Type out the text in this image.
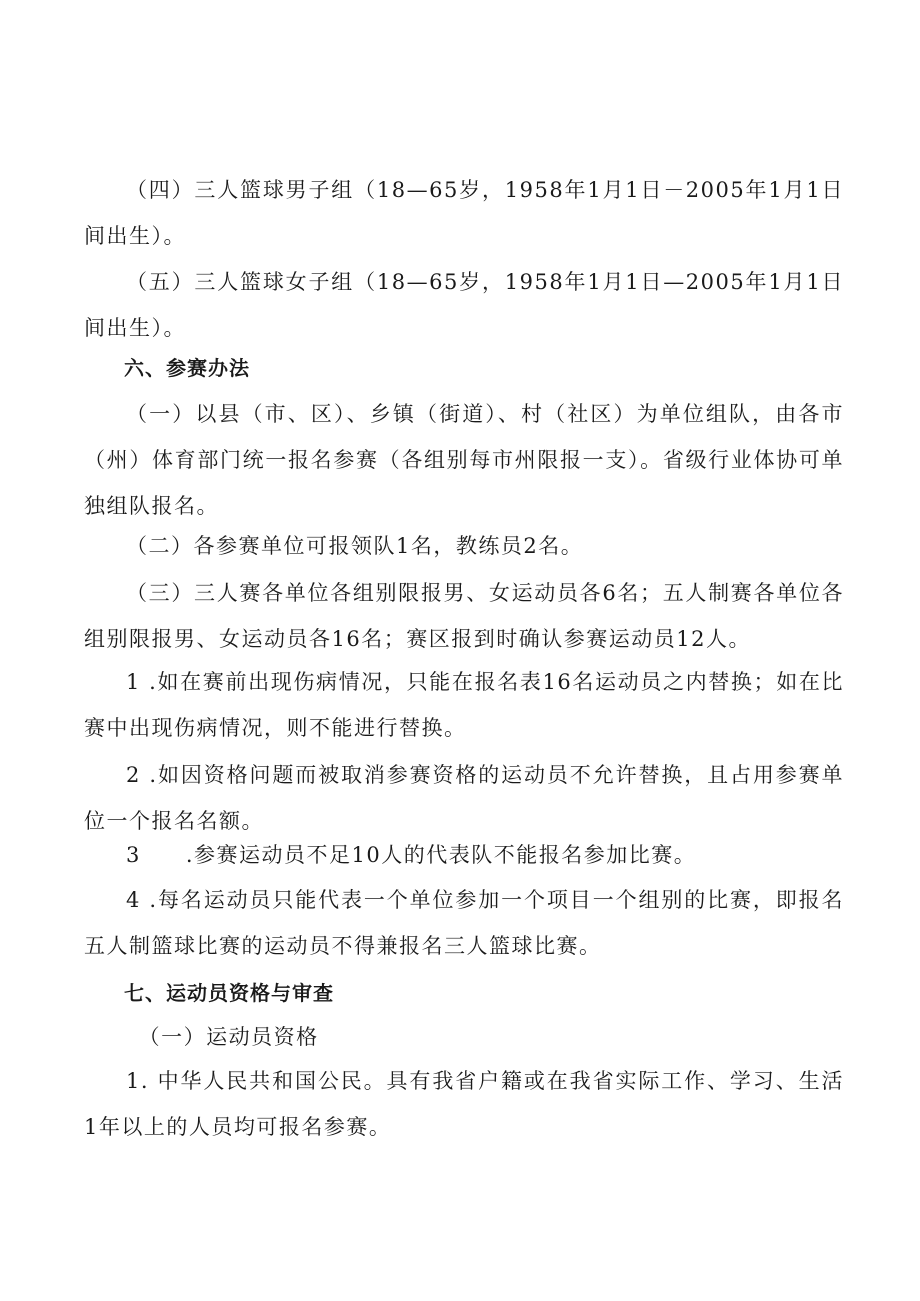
（四）三人篮球男子组（18—65岁，1958年1月1日－2005年1月1日间出生）。

（五）三人篮球女子组（18—65岁，1958年1月1日—2005年1月1日间出生）。

六、参赛办法

（一）以县（市、区）、乡镇（街道）、村（社区）为单位组队，由各市（州）体育部门统一报名参赛（各组别每市州限报一支）。省级行业体协可单独组队报名。

（二）各参赛单位可报领队1名，教练员2名。

（三）三人赛各单位各组别限报男、女运动员各6名；五人制赛各单位各组别限报男、女运动员各16名；赛区报到时确认参赛运动员12人。

1 .如在赛前出现伤病情况，只能在报名表16名运动员之内替换；如在比赛中出现伤病情况，则不能进行替换。

2 .如因资格问题而被取消参赛资格的运动员不允许替换，且占用参赛单位一个报名名额。

3　　.参赛运动员不足10人的代表队不能报名参加比赛。

4 .每名运动员只能代表一个单位参加一个项目一个组别的比赛，即报名五人制篮球比赛的运动员不得兼报名三人篮球比赛。

七、运动员资格与审查

（一）运动员资格

1. 中华人民共和国公民。具有我省户籍或在我省实际工作、学习、生活1年以上的人员均可报名参赛。
